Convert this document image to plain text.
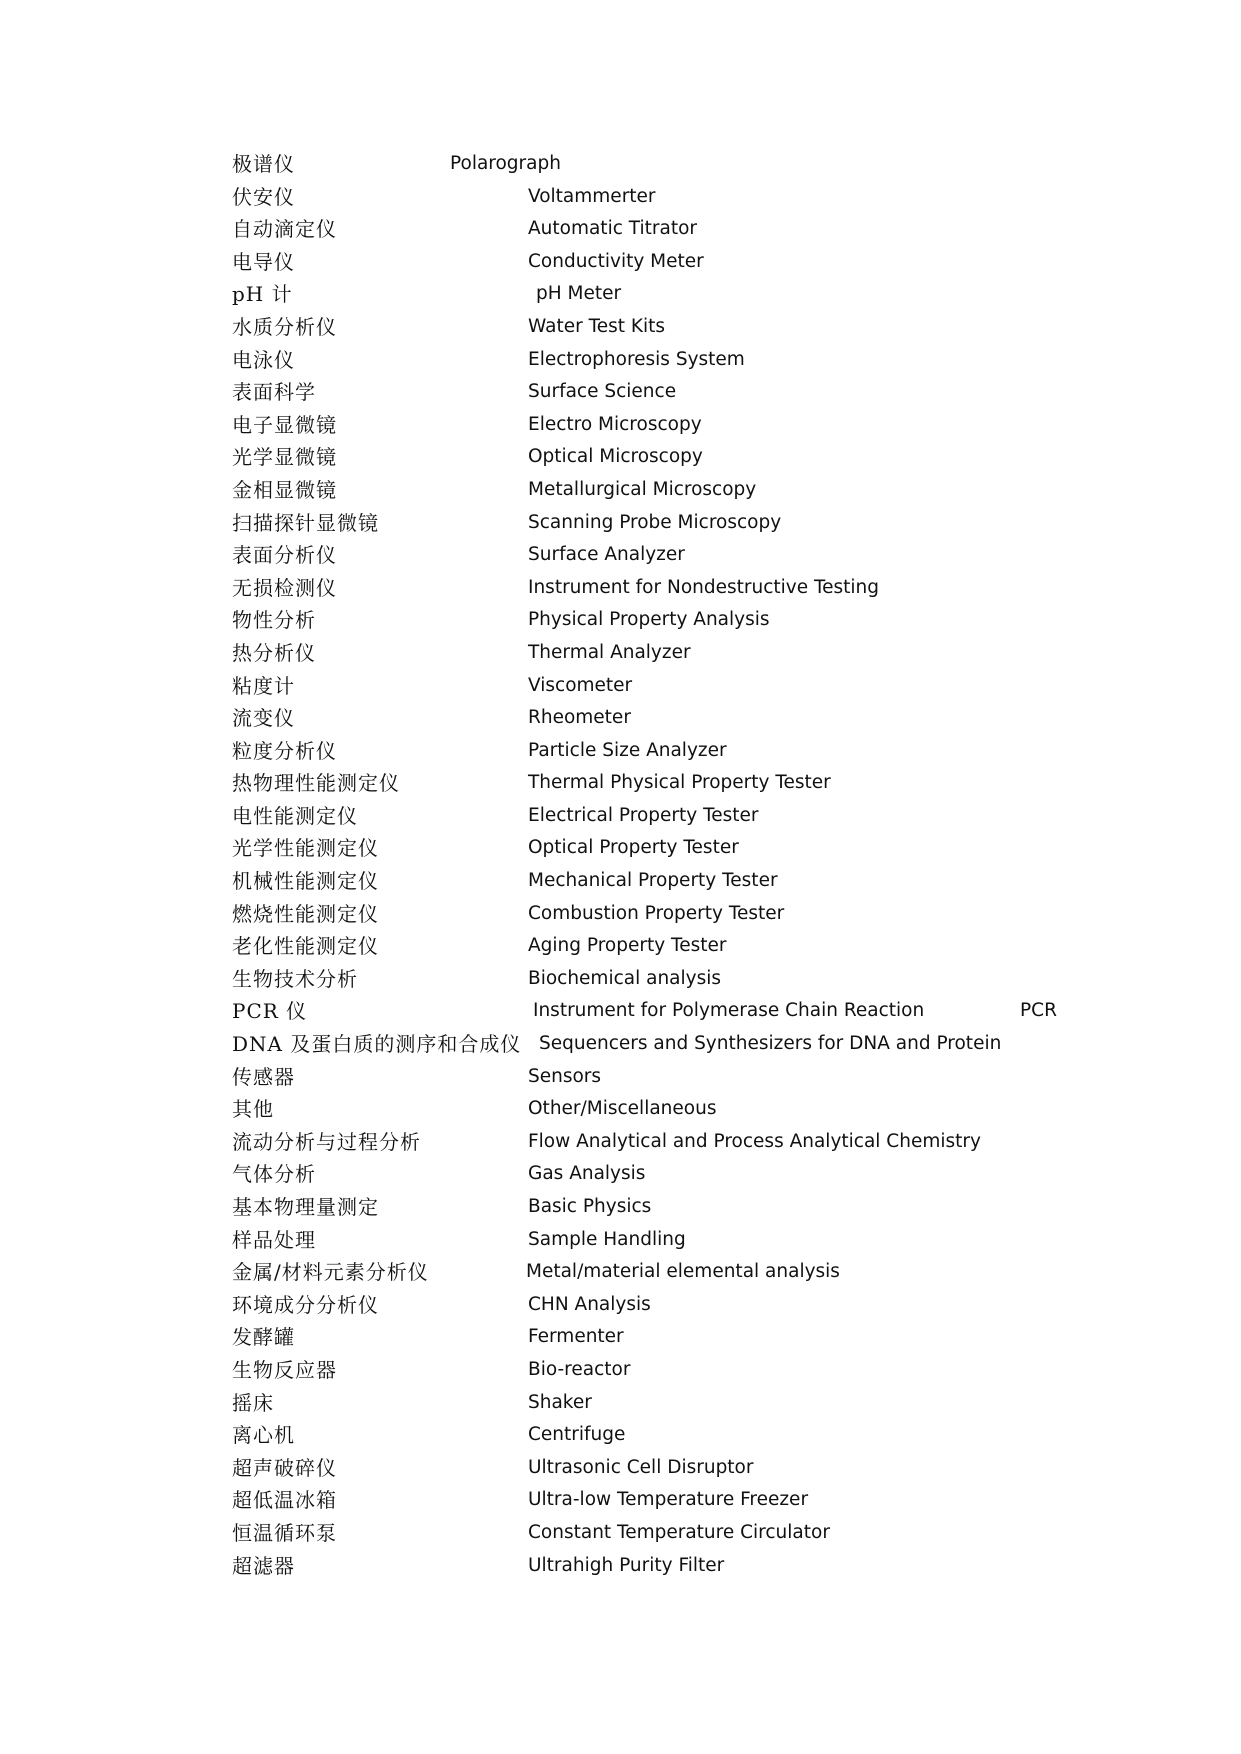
极谱仪	Polarograph
伏安仪	Voltammerter
自动滴定仪	Automatic Titrator
电导仪	Conductivity Meter
pH 计	pH Meter
水质分析仪	Water Test Kits
电泳仪	Electrophoresis System
表面科学	Surface Science
电子显微镜	Electro Microscopy
光学显微镜	Optical Microscopy
金相显微镜	Metallurgical Microscopy
扫描探针显微镜	Scanning Probe Microscopy
表面分析仪	Surface Analyzer
无损检测仪	Instrument for Nondestructive Testing
物性分析	Physical Property Analysis
热分析仪	Thermal Analyzer
粘度计	Viscometer
流变仪	Rheometer
粒度分析仪	Particle Size Analyzer
热物理性能测定仪	Thermal Physical Property Tester
电性能测定仪	Electrical Property Tester
光学性能测定仪	Optical Property Tester
机械性能测定仪	Mechanical Property Tester
燃烧性能测定仪	Combustion Property Tester
老化性能测定仪	Aging Property Tester
生物技术分析	Biochemical analysis
PCR 仪	Instrument for Polymerase Chain Reaction	PCR
DNA 及蛋白质的测序和合成仪 Sequencers and Synthesizers for DNA and Protein
传感器	Sensors
其他	Other/Miscellaneous
流动分析与过程分析	Flow Analytical and Process Analytical Chemistry
气体分析	Gas Analysis
基本物理量测定	Basic Physics
样品处理	Sample Handling
金属/材料元素分析仪	Metal/material elemental analysis
环境成分分析仪	CHN Analysis
发酵罐	Fermenter
生物反应器	Bio-reactor
摇床	Shaker
离心机	Centrifuge
超声破碎仪	Ultrasonic Cell Disruptor
超低温冰箱	Ultra-low Temperature Freezer
恒温循环泵	Constant Temperature Circulator
超滤器	Ultrahigh Purity Filter
